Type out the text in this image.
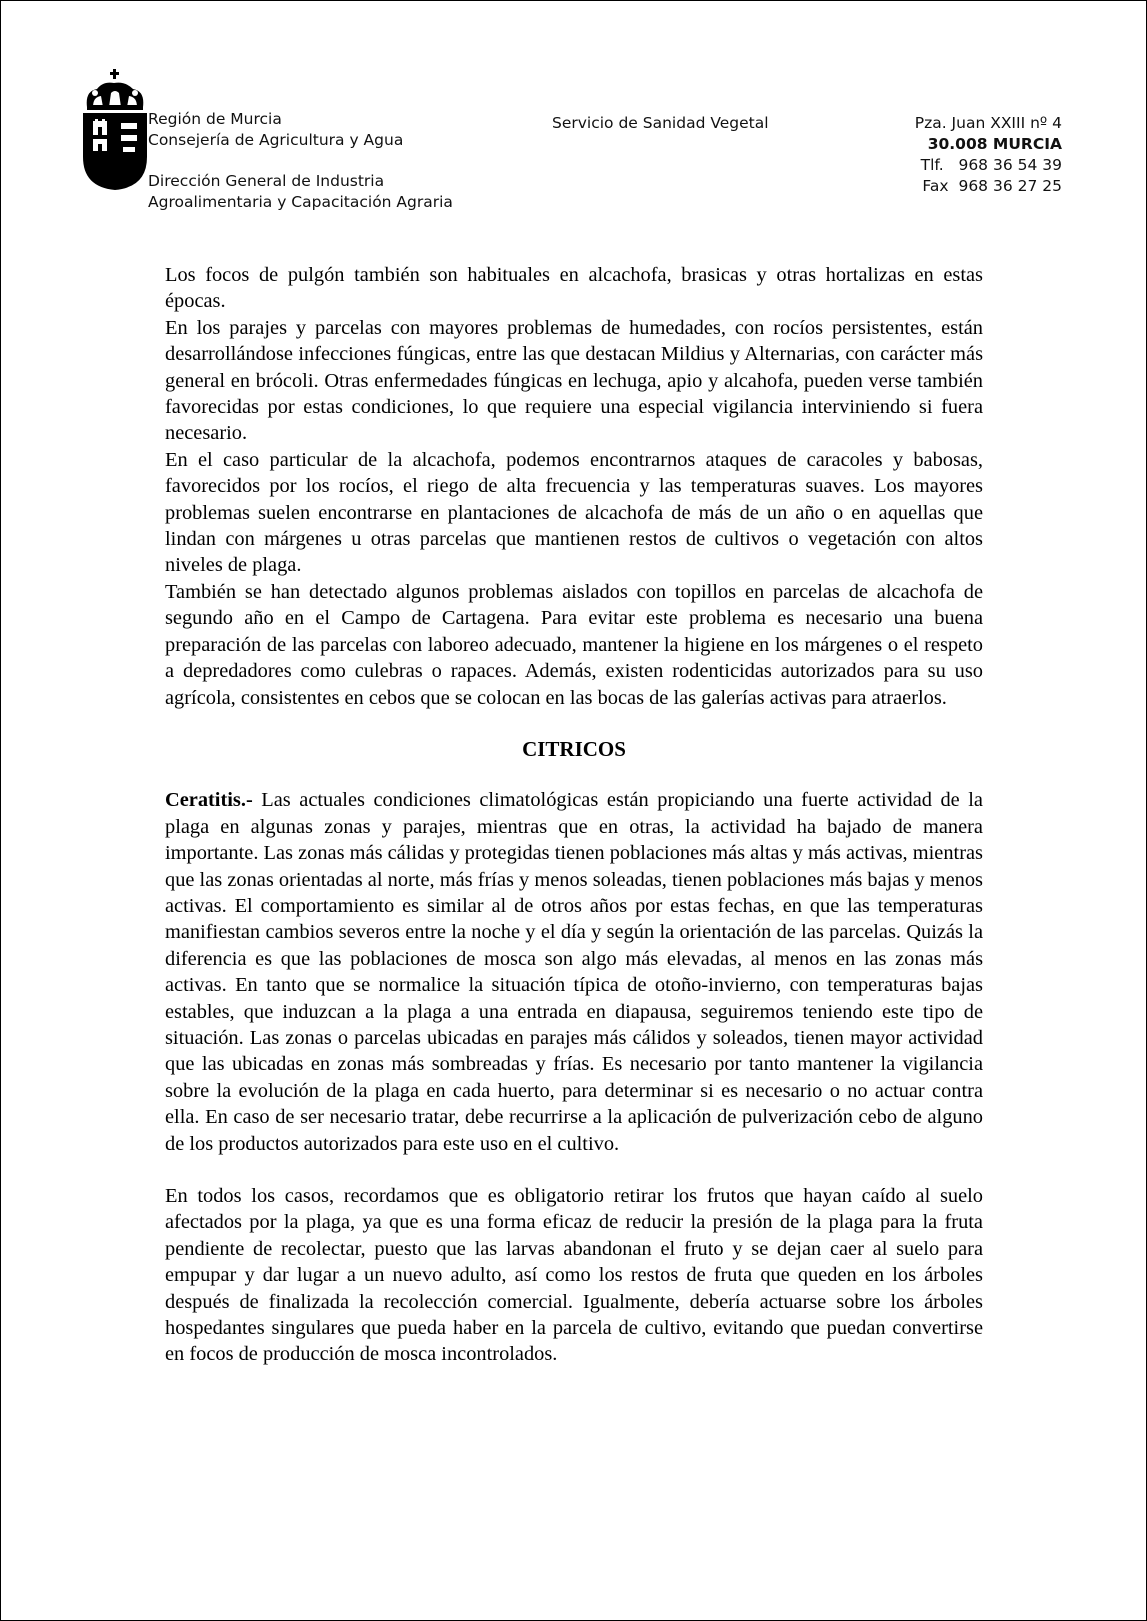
Región de Murcia
Consejería de Agricultura y Agua
Dirección General de Industria
Agroalimentaria y Capacitación Agraria
Servicio de Sanidad Vegetal	Pza. Juan XXIII nº 4
30.008 MURCIA
Tlf. 968 36 54 39
Fax 968 36 27 25

Los focos de pulgón también son habituales en alcachofa, brasicas y otras hortalizas en estas épocas.

En los parajes y parcelas con mayores problemas de humedades, con rocíos persistentes, están desarrollándose infecciones fúngicas, entre las que destacan Mildius y Alternarias, con carácter más general en brócoli. Otras enfermedades fúngicas en lechuga, apio y alcahofa, pueden verse también favorecidas por estas condiciones, lo que requiere una especial vigilancia interviniendo si fuera necesario.

En el caso particular de la alcachofa, podemos encontrarnos ataques de caracoles y babosas, favorecidos por los rocíos, el riego de alta frecuencia y las temperaturas suaves. Los mayores problemas suelen encontrarse en plantaciones de alcachofa de más de un año o en aquellas que lindan con márgenes u otras parcelas que mantienen restos de cultivos o vegetación con altos niveles de plaga.

También se han detectado algunos problemas aislados con topillos en parcelas de alcachofa de segundo año en el Campo de Cartagena. Para evitar este problema es necesario una buena preparación de las parcelas con laboreo adecuado, mantener la higiene en los márgenes o el respeto a depredadores como culebras o rapaces. Además, existen rodenticidas autorizados para su uso agrícola, consistentes en cebos que se colocan en las bocas de las galerías activas para atraerlos.

CITRICOS

Ceratitis.- Las actuales condiciones climatológicas están propiciando una fuerte actividad de la plaga en algunas zonas y parajes, mientras que en otras, la actividad ha bajado de manera importante. Las zonas más cálidas y protegidas tienen poblaciones más altas y más activas, mientras que las zonas orientadas al norte, más frías y menos soleadas, tienen poblaciones más bajas y menos activas. El comportamiento es similar al de otros años por estas fechas, en que las temperaturas manifiestan cambios severos entre la noche y el día y según la orientación de las parcelas. Quizás la diferencia es que las poblaciones de mosca son algo más elevadas, al menos en las zonas más activas. En tanto que se normalice la situación típica de otoño-invierno, con temperaturas bajas estables, que induzcan a la plaga a una entrada en diapausa, seguiremos teniendo este tipo de situación. Las zonas o parcelas ubicadas en parajes más cálidos y soleados, tienen mayor actividad que las ubicadas en zonas más sombreadas y frías. Es necesario por tanto mantener la vigilancia sobre la evolución de la plaga en cada huerto, para determinar si es necesario o no actuar contra ella. En caso de ser necesario tratar, debe recurrirse a la aplicación de pulverización cebo de alguno de los productos autorizados para este uso en el cultivo.

En todos los casos, recordamos que es obligatorio retirar los frutos que hayan caído al suelo afectados por la plaga, ya que es una forma eficaz de reducir la presión de la plaga para la fruta pendiente de recolectar, puesto que las larvas abandonan el fruto y se dejan caer al suelo para empupar y dar lugar a un nuevo adulto, así como los restos de fruta que queden en los árboles después de finalizada la recolección comercial. Igualmente, debería actuarse sobre los árboles hospedantes singulares que pueda haber en la parcela de cultivo, evitando que puedan convertirse en focos de producción de mosca incontrolados.
